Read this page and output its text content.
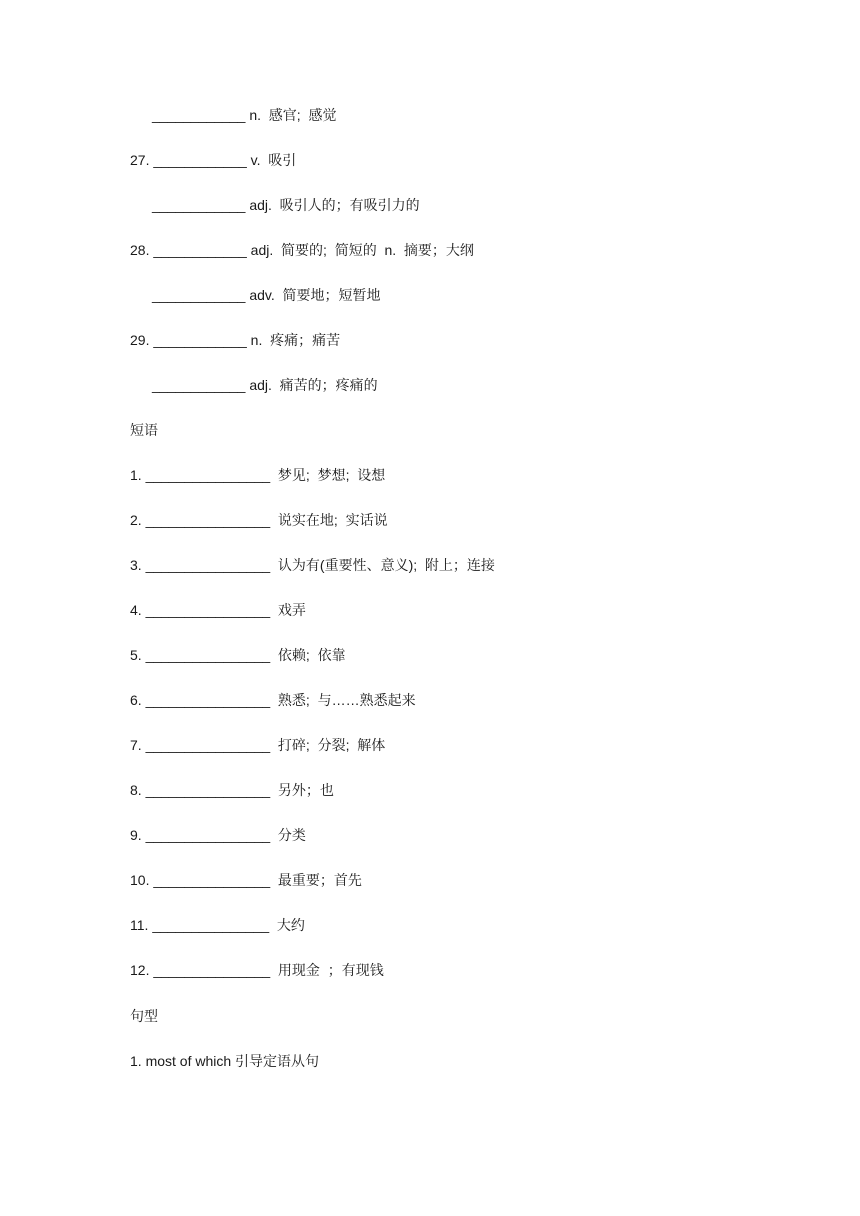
____________ n.  感官;  感觉
27. ____________ v.  吸引
____________ adj.  吸引人的；有吸引力的
28. ____________ adj.  简要的;  简短的  n.  摘要；大纲
____________ adv.  简要地；短暂地
29. ____________ n.  疼痛；痛苦
____________ adj.  痛苦的；疼痛的
短语
1. ________________  梦见;  梦想;  设想
2. ________________  说实在地;  实话说
3. ________________  认为有(重要性、意义);  附上；连接
4. ________________  戏弄
5. ________________  依赖;  依靠
6. ________________  熟悉;  与……熟悉起来
7. ________________  打碎;  分裂;  解体
8. ________________  另外；也
9. ________________  分类
10. _______________  最重要；首先
11. _______________  大约
12. _______________  用现金  ；有现钱
句型
1. most of which 引导定语从句
